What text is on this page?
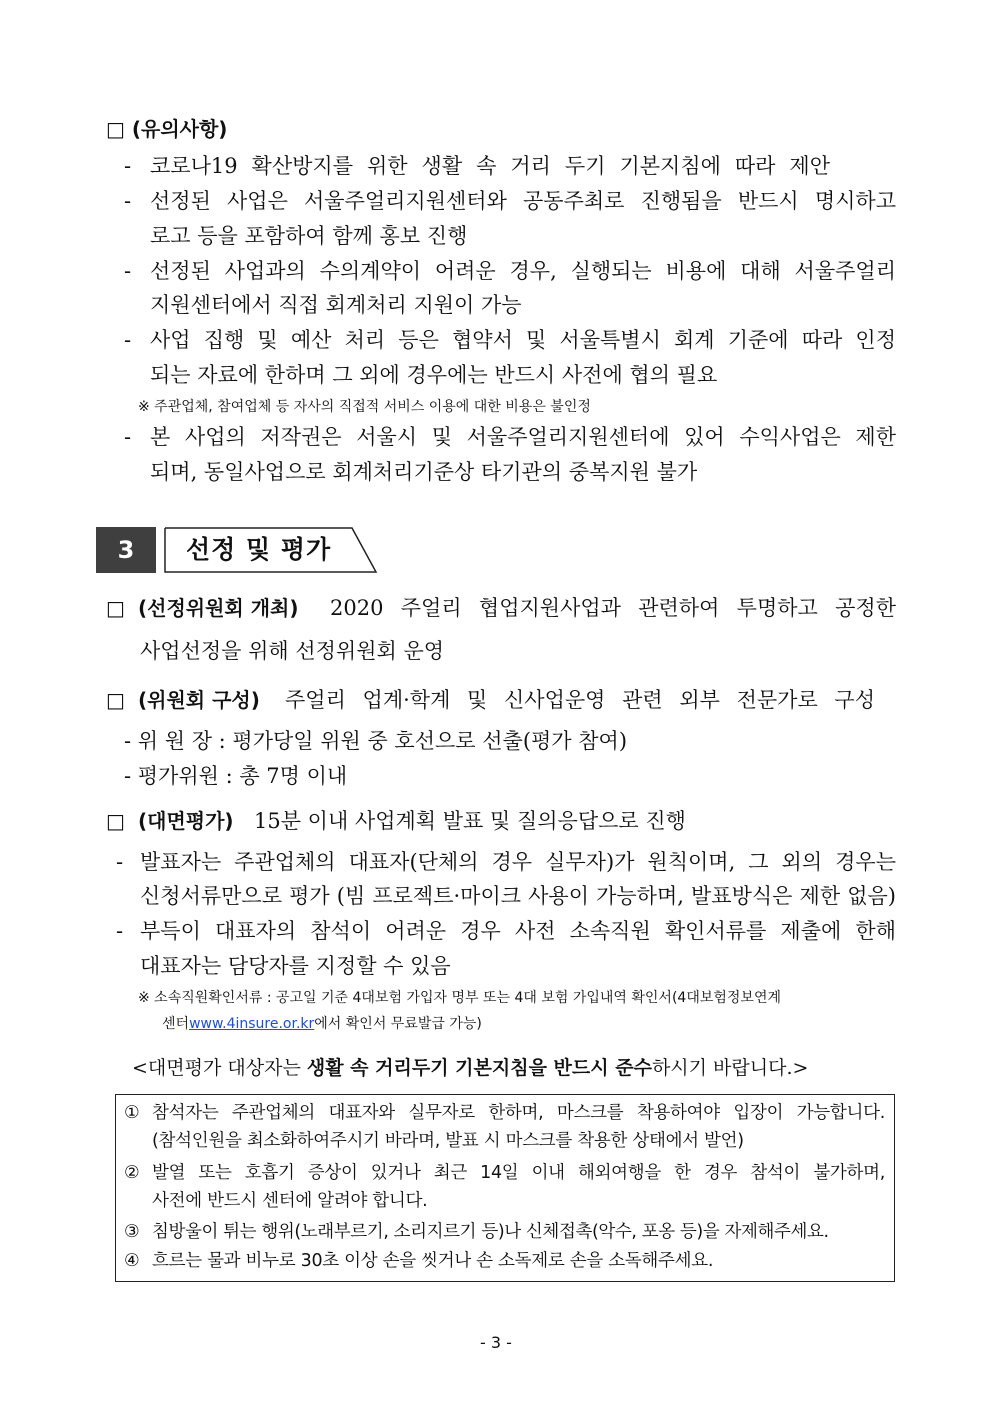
□ (유의사항)
- 코로나19 확산방지를 위한 생활 속 거리 두기 기본지침에 따라 제안
- 선정된 사업은 서울주얼리지원센터와 공동주최로 진행됨을 반드시 명시하고
로고 등을 포함하여 함께 홍보 진행
- 선정된 사업과의 수의계약이 어려운 경우, 실행되는 비용에 대해 서울주얼리
지원센터에서 직접 회계처리 지원이 가능
- 사업 집행 및 예산 처리 등은 협약서 및 서울특별시 회계 기준에 따라 인정
되는 자료에 한하며 그 외에 경우에는 반드시 사전에 협의 필요
※ 주관업체, 참여업체 등 자사의 직접적 서비스 이용에 대한 비용은 불인정
- 본 사업의 저작권은 서울시 및 서울주얼리지원센터에 있어 수익사업은 제한
되며, 동일사업으로 회계처리기준상 타기관의 중복지원 불가
3	선정 및 평가
□ (선정위원회 개최) 2020 주얼리 협업지원사업과 관련하여 투명하고 공정한
사업선정을 위해 선정위원회 운영
□ (위원회 구성) 주얼리 업계·학계 및 신사업운영 관련 외부 전문가로 구성
- 위 원 장 : 평가당일 위원 중 호선으로 선출(평가 참여)
- 평가위원 : 총 7명 이내
□ (대면평가) 15분 이내 사업계획 발표 및 질의응답으로 진행
- 발표자는 주관업체의 대표자(단체의 경우 실무자)가 원칙이며, 그 외의 경우는
신청서류만으로 평가 (빔 프로젝트·마이크 사용이 가능하며, 발표방식은 제한 없음)
- 부득이 대표자의 참석이 어려운 경우 사전 소속직원 확인서류를 제출에 한해
대표자는 담당자를 지정할 수 있음
※ 소속직원확인서류 : 공고일 기준 4대보험 가입자 명부 또는 4대 보험 가입내역 확인서(4대보험정보연계
센터www.4insure.or.kr에서 확인서 무료발급 가능)
<대면평가 대상자는 생활 속 거리두기 기본지침을 반드시 준수하시기 바랍니다.>
① 참석자는 주관업체의 대표자와 실무자로 한하며, 마스크를 착용하여야 입장이 가능합니다.
(참석인원을 최소화하여주시기 바라며, 발표 시 마스크를 착용한 상태에서 발언)
② 발열 또는 호흡기 증상이 있거나 최근 14일 이내 해외여행을 한 경우 참석이 불가하며,
사전에 반드시 센터에 알려야 합니다.
③ 침방울이 튀는 행위(노래부르기, 소리지르기 등)나 신체접촉(악수, 포옹 등)을 자제해주세요.
④ 흐르는 물과 비누로 30초 이상 손을 씻거나 손 소독제로 손을 소독해주세요.
- 3 -
